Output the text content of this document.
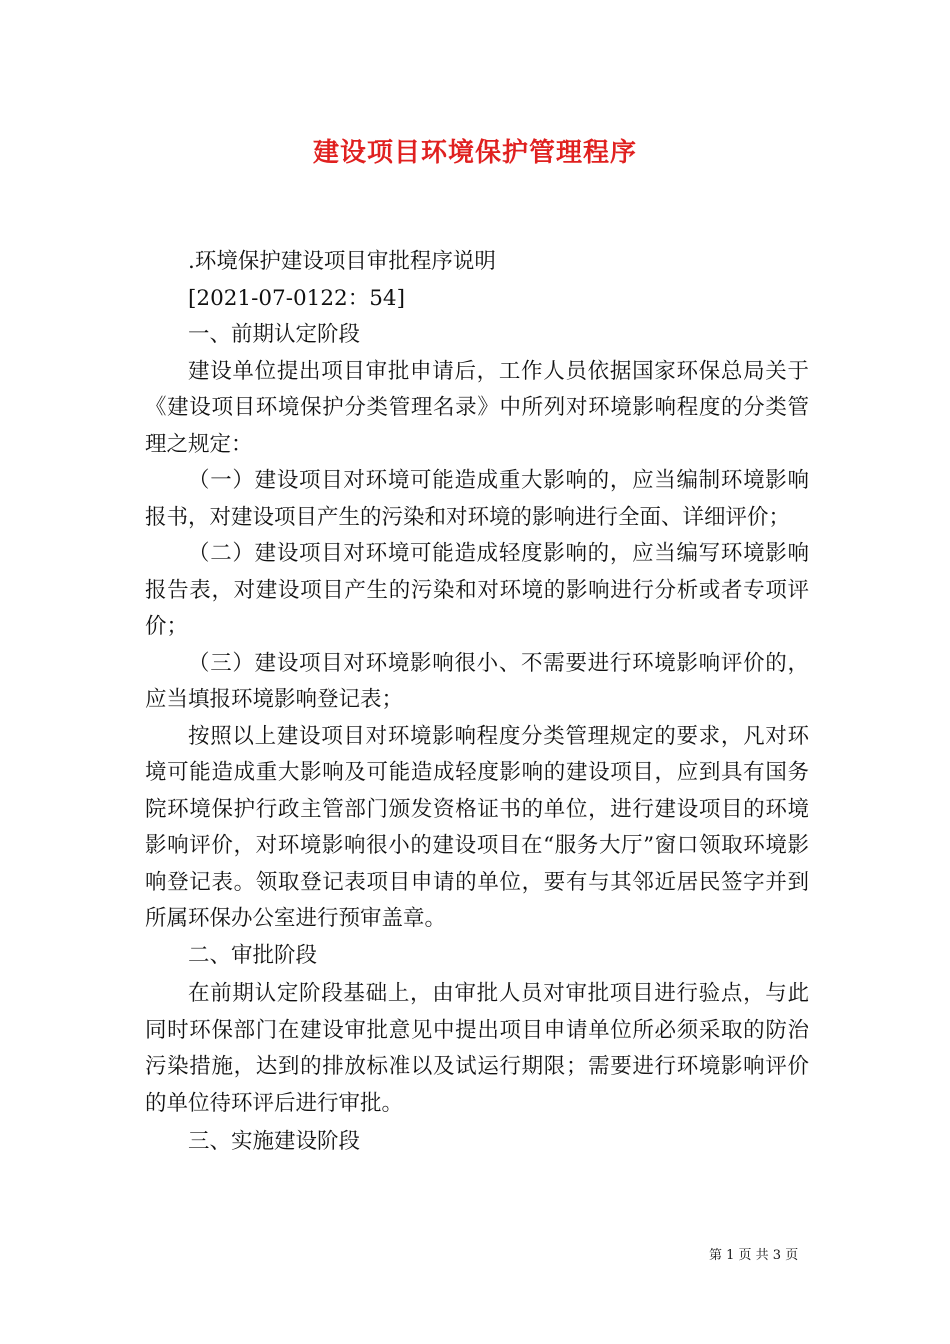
建设项目环境保护管理程序

.环境保护建设项目审批程序说明

[2021-07-0122：54]

一、前期认定阶段

建设单位提出项目审批申请后，工作人员依据国家环保总局关于《建设项目环境保护分类管理名录》中所列对环境影响程度的分类管理之规定：

（一）建设项目对环境可能造成重大影响的，应当编制环境影响报书，对建设项目产生的污染和对环境的影响进行全面、详细评价；

（二）建设项目对环境可能造成轻度影响的，应当编写环境影响报告表，对建设项目产生的污染和对环境的影响进行分析或者专项评价；

（三）建设项目对环境影响很小、不需要进行环境影响评价的，应当填报环境影响登记表；

按照以上建设项目对环境影响程度分类管理规定的要求，凡对环境可能造成重大影响及可能造成轻度影响的建设项目，应到具有国务院环境保护行政主管部门颁发资格证书的单位，进行建设项目的环境影响评价，对环境影响很小的建设项目在“服务大厅”窗口领取环境影响登记表。领取登记表项目申请的单位，要有与其邻近居民签字并到所属环保办公室进行预审盖章。

二、审批阶段

在前期认定阶段基础上，由审批人员对审批项目进行验点，与此同时环保部门在建设审批意见中提出项目申请单位所必须采取的防治污染措施，达到的排放标准以及试运行期限；需要进行环境影响评价的单位待环评后进行审批。

三、实施建设阶段

第 1 页 共 3 页
